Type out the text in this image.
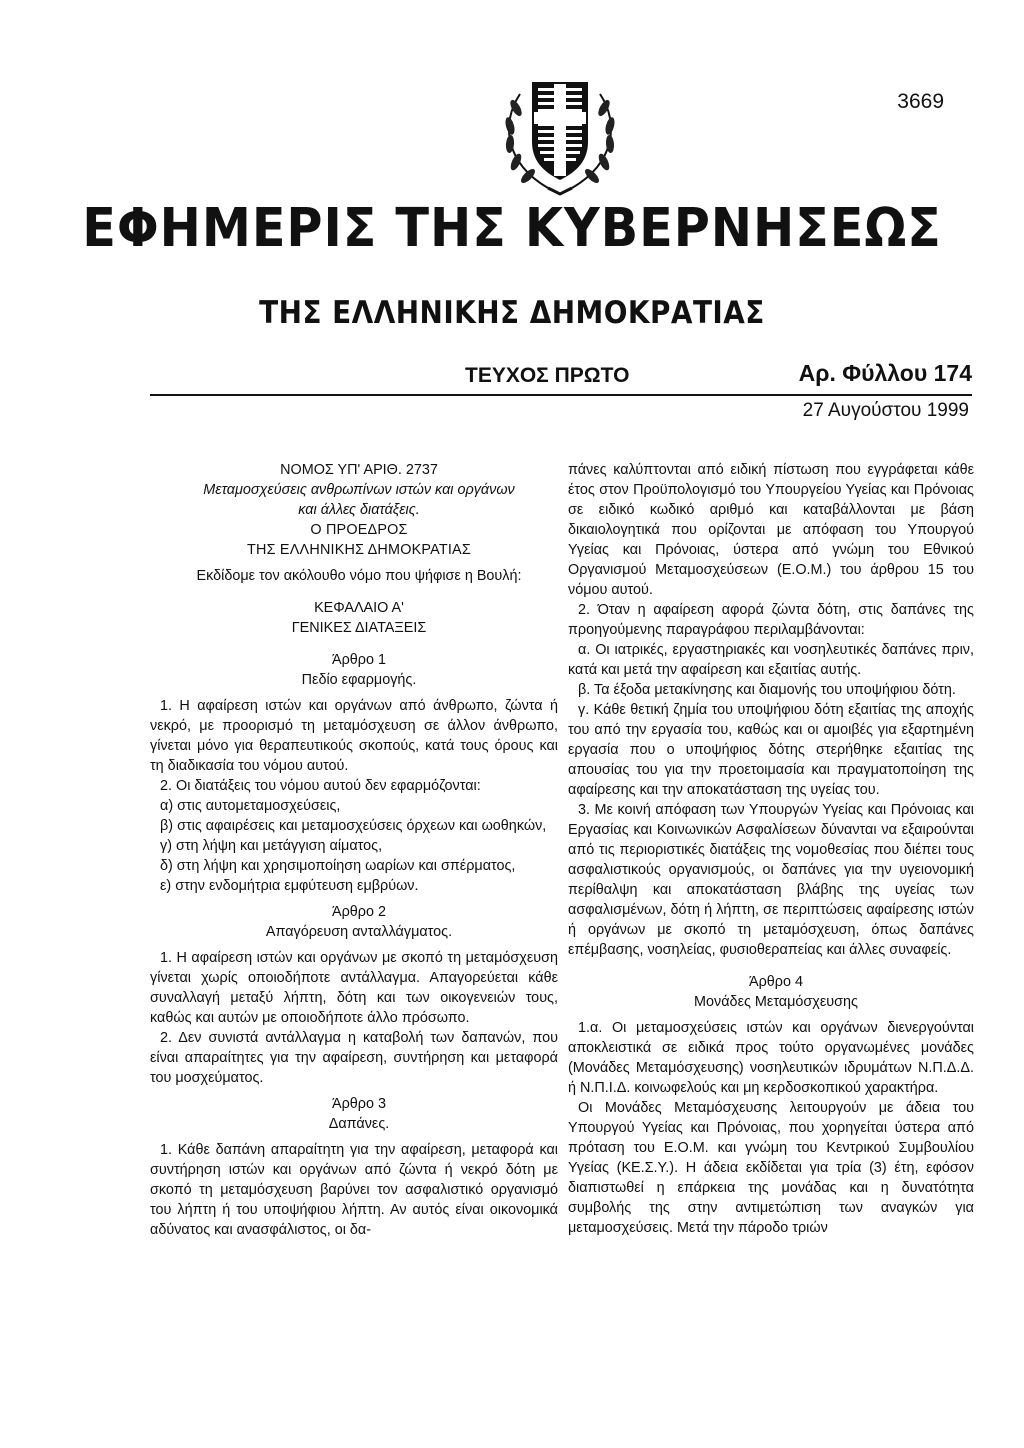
3669
ΕΦΗΜΕΡΙΣ ΤΗΣ ΚΥΒΕΡΝΗΣΕΩΣ
ΤΗΣ ΕΛΛΗΝΙΚΗΣ ΔΗΜΟΚΡΑΤΙΑΣ
ΤΕΥΧΟΣ ΠΡΩΤΟ	Αρ. Φύλλου 174
27 Αυγούστου 1999

ΝΟΜΟΣ ΥΠ' ΑΡΙΘ. 2737

Μεταμοσχεύσεις ανθρωπίνων ιστών και οργάνων

και άλλες διατάξεις.

Ο ΠΡΟΕΔΡΟΣ

ΤΗΣ ΕΛΛΗΝΙΚΗΣ ΔΗΜΟΚΡΑΤΙΑΣ

Εκδίδομε τον ακόλουθο νόμο που ψήφισε η Βουλή:

ΚΕΦΑΛΑΙΟ Α'

ΓΕΝΙΚΕΣ ΔΙΑΤΑΞΕΙΣ

Άρθρο 1

Πεδίο εφαρμογής.

1. Η αφαίρεση ιστών και οργάνων από άνθρωπο, ζώντα ή νεκρό, με προορισμό τη μεταμόσχευση σε άλλον άνθρωπο, γίνεται μόνο για θεραπευτικούς σκοπούς, κατά τους όρους και τη διαδικασία του νόμου αυτού.

2. Οι διατάξεις του νόμου αυτού δεν εφαρμόζονται:

α) στις αυτομεταμοσχεύσεις,

β) στις αφαιρέσεις και μεταμοσχεύσεις όρχεων και ωοθηκών,

γ) στη λήψη και μετάγγιση αίματος,

δ) στη λήψη και χρησιμοποίηση ωαρίων και σπέρματος,

ε) στην ενδομήτρια εμφύτευση εμβρύων.

Άρθρο 2

Απαγόρευση ανταλλάγματος.

1. Η αφαίρεση ιστών και οργάνων με σκοπό τη μεταμόσχευση γίνεται χωρίς οποιοδήποτε αντάλλαγμα. Απαγορεύεται κάθε συναλλαγή μεταξύ λήπτη, δότη και των οικογενειών τους, καθώς και αυτών με οποιοδήποτε άλλο πρόσωπο.

2. Δεν συνιστά αντάλλαγμα η καταβολή των δαπανών, που είναι απαραίτητες για την αφαίρεση, συντήρηση και μεταφορά του μοσχεύματος.

Άρθρο 3

Δαπάνες.

1. Κάθε δαπάνη απαραίτητη για την αφαίρεση, μεταφορά και συντήρηση ιστών και οργάνων από ζώντα ή νεκρό δότη με σκοπό τη μεταμόσχευση βαρύνει τον ασφαλιστικό οργανισμό του λήπτη ή του υποψήφιου λήπτη. Αν αυτός είναι οικονομικά αδύνατος και ανασφάλιστος, οι δα-

πάνες καλύπτονται από ειδική πίστωση που εγγράφεται κάθε έτος στον Προϋπολογισμό του Υπουργείου Υγείας και Πρόνοιας σε ειδικό κωδικό αριθμό και καταβάλλονται με βάση δικαιολογητικά που ορίζονται με απόφαση του Υπουργού Υγείας και Πρόνοιας, ύστερα από γνώμη του Εθνικού Οργανισμού Μεταμοσχεύσεων (Ε.Ο.Μ.) του άρθρου 15 του νόμου αυτού.

2. Όταν η αφαίρεση αφορά ζώντα δότη, στις δαπάνες της προηγούμενης παραγράφου περιλαμβάνονται:

α. Οι ιατρικές, εργαστηριακές και νοσηλευτικές δαπάνες πριν, κατά και μετά την αφαίρεση και εξαιτίας αυτής.

β. Τα έξοδα μετακίνησης και διαμονής του υποψήφιου δότη.

γ. Κάθε θετική ζημία του υποψήφιου δότη εξαιτίας της αποχής του από την εργασία του, καθώς και οι αμοιβές για εξαρτημένη εργασία που ο υποψήφιος δότης στερήθηκε εξαιτίας της απουσίας του για την προετοιμασία και πραγματοποίηση της αφαίρεσης και την αποκατάσταση της υγείας του.

3. Με κοινή απόφαση των Υπουργών Υγείας και Πρόνοιας και Εργασίας και Κοινωνικών Ασφαλίσεων δύνανται να εξαιρούνται από τις περιοριστικές διατάξεις της νομοθεσίας που διέπει τους ασφαλιστικούς οργανισμούς, οι δαπάνες για την υγειονομική περίθαλψη και αποκατάσταση βλάβης της υγείας των ασφαλισμένων, δότη ή λήπτη, σε περιπτώσεις αφαίρεσης ιστών ή οργάνων με σκοπό τη μεταμόσχευση, όπως δαπάνες επέμβασης, νοσηλείας, φυσιοθεραπείας και άλλες συναφείς.

Άρθρο 4

Μονάδες Μεταμόσχευσης

1.α. Οι μεταμοσχεύσεις ιστών και οργάνων διενεργούνται αποκλειστικά σε ειδικά προς τούτο οργανωμένες μονάδες (Μονάδες Μεταμόσχευσης) νοσηλευτικών ιδρυμάτων Ν.Π.Δ.Δ. ή Ν.Π.Ι.Δ. κοινωφελούς και μη κερδοσκοπικού χαρακτήρα.

Οι Μονάδες Μεταμόσχευσης λειτουργούν με άδεια του Υπουργού Υγείας και Πρόνοιας, που χορηγείται ύστερα από πρόταση του Ε.Ο.Μ. και γνώμη του Κεντρικού Συμβουλίου Υγείας (ΚΕ.Σ.Υ.). Η άδεια εκδίδεται για τρία (3) έτη, εφόσον διαπιστωθεί η επάρκεια της μονάδας και η δυνατότητα συμβολής της στην αντιμετώπιση των αναγκών για μεταμοσχεύσεις. Μετά την πάροδο τριών
